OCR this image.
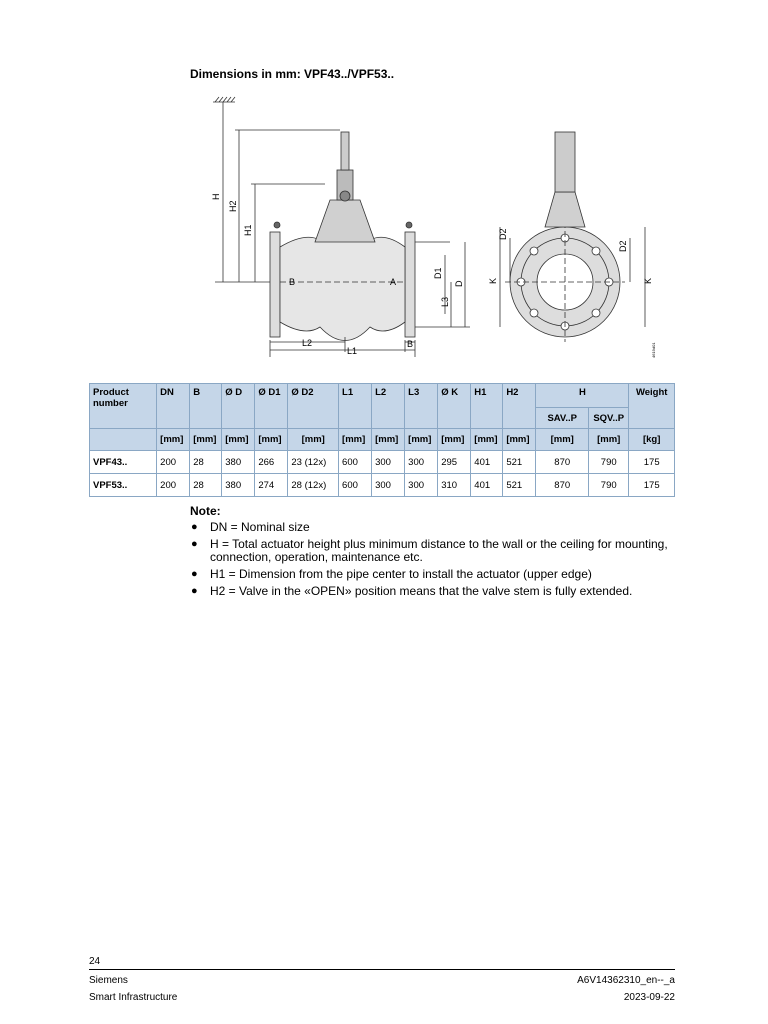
Dimensions in mm: VPF43../VPF53..
H
H2
H1
D1
D
L3
L2
L1
B
B	A
D2
D2
K	K
4619d01
Product number	DN	B	Ø D	Ø D1	Ø D2	L1	L2	L3	Ø K	H1	H2	H		Weight
												SAV..P	SQV..P	
	[mm]	[mm]	[mm]	[mm]	[mm]	[mm]	[mm]	[mm]	[mm]	[mm]	[mm]	[mm]	[mm]	[kg]
VPF43..	200	28	380	266	23 (12x)	600	300	300	295	401	521	870	790	175
VPF53..	200	28	380	274	28 (12x)	600	300	300	310	401	521	870	790	175
Note:
● DN = Nominal size
● H = Total actuator height plus minimum distance to the wall or the ceiling for mounting, connection, operation, maintenance etc.
● H1 = Dimension from the pipe center to install the actuator (upper edge)
● H2 = Valve in the «OPEN» position means that the valve stem is fully extended.
24
Siemens
Smart Infrastructure
A6V14362310_en--_a
2023-09-22
